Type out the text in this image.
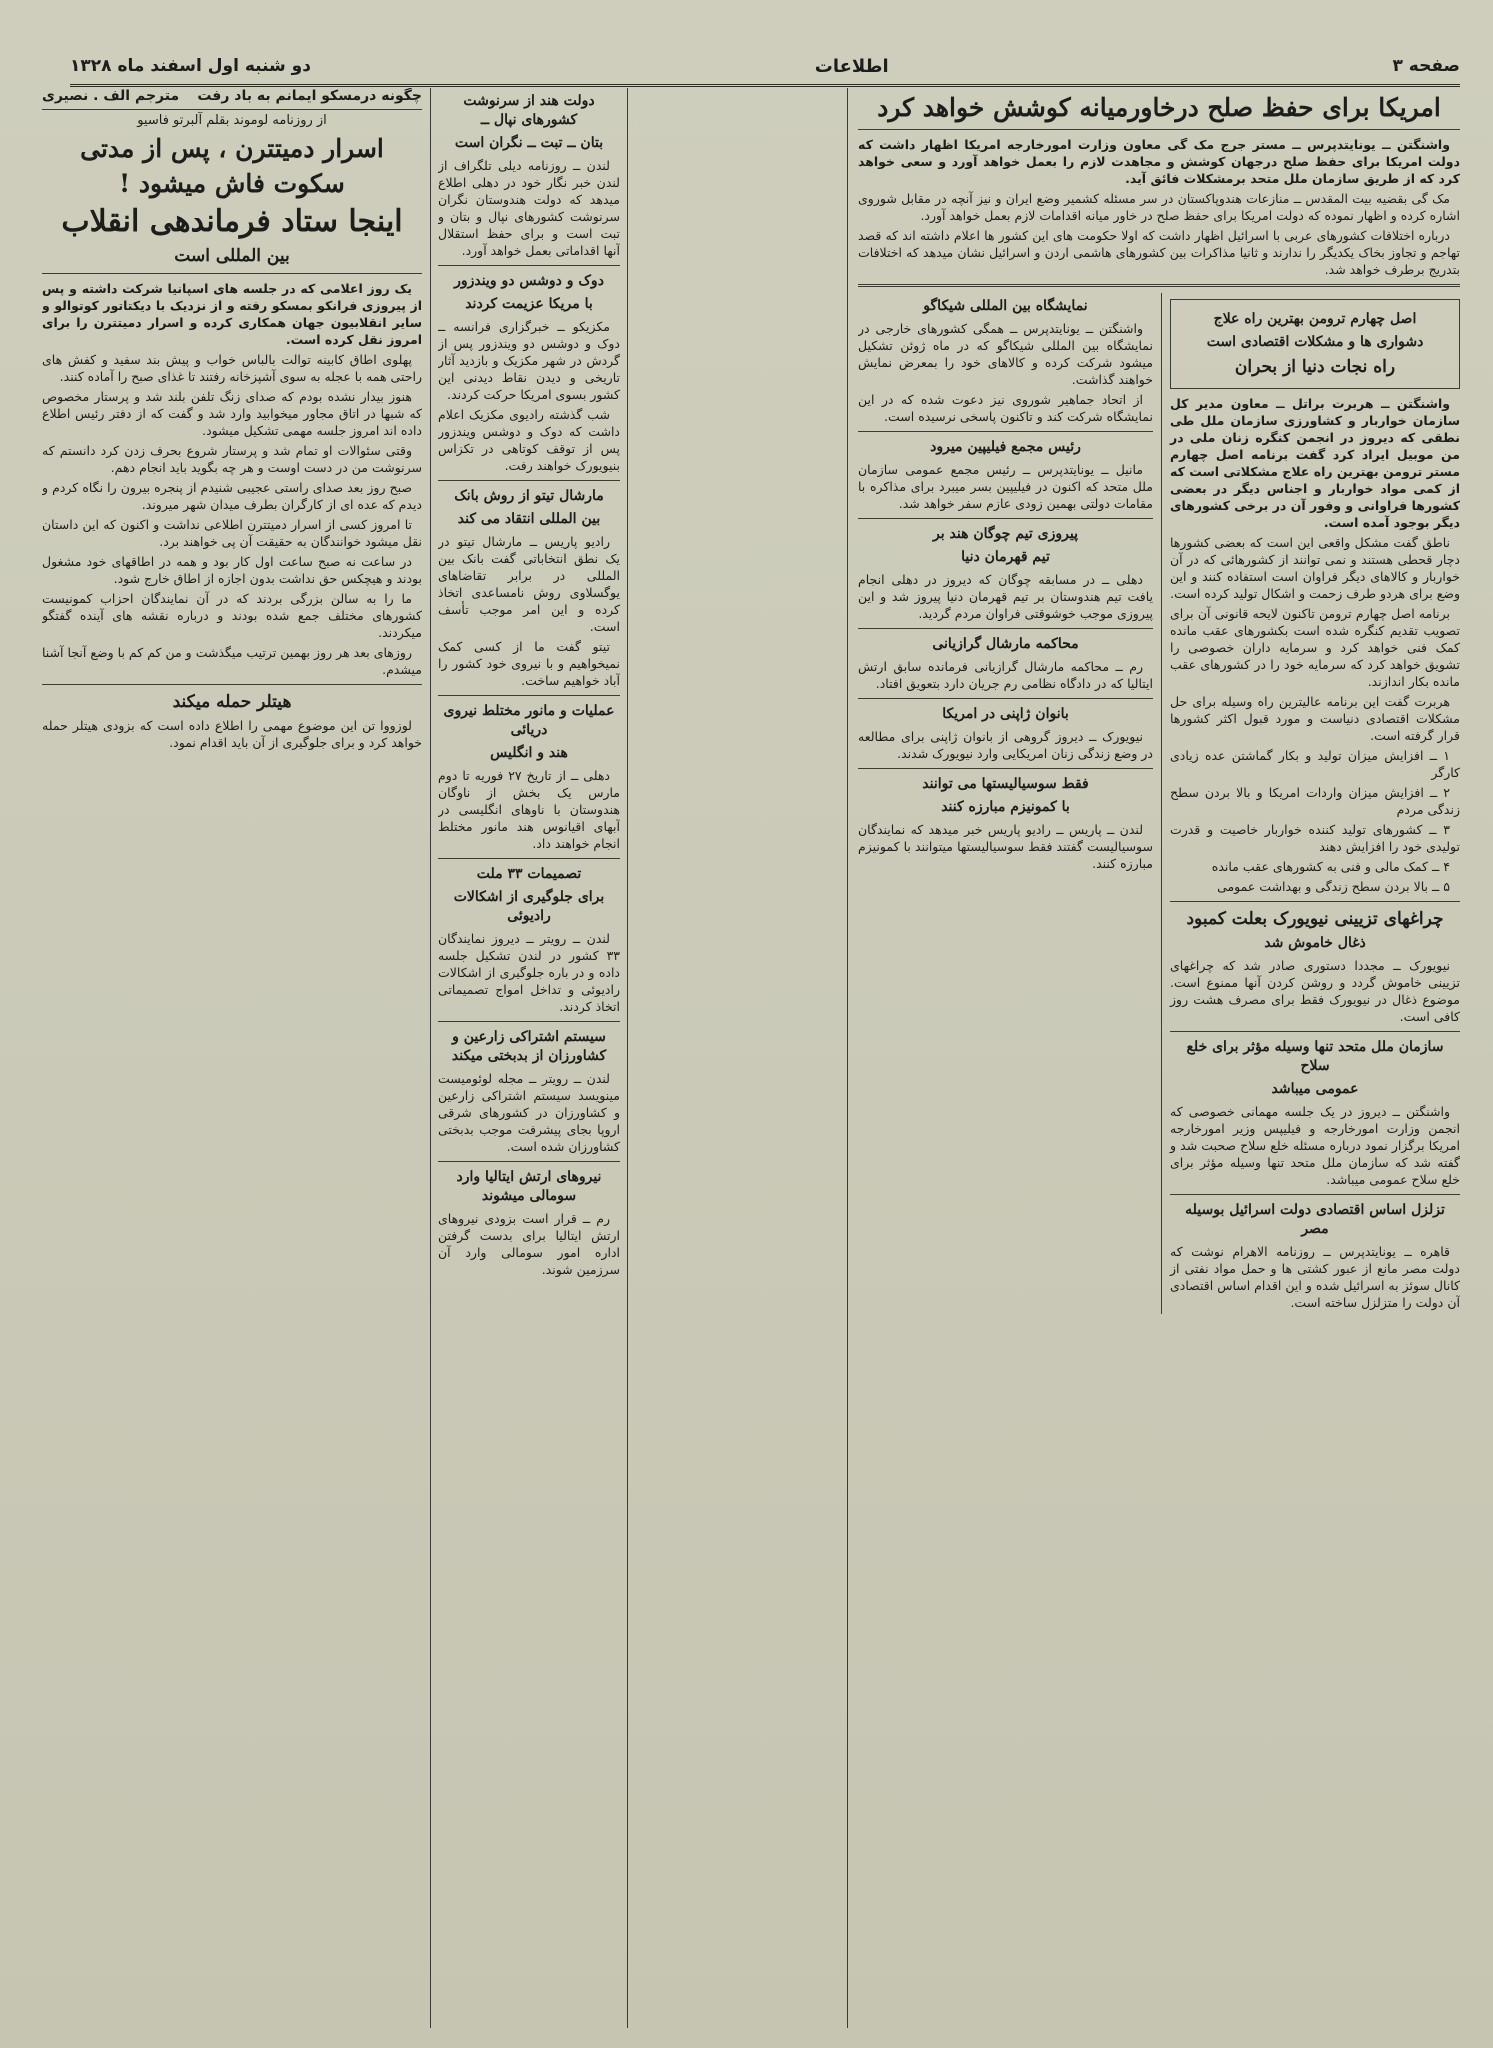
صفحه ۳
اطلاعات
دو شنبه اول اسفند ماه ۱۳۲۸
امریکا برای حفظ صلح درخاورمیانه کوشش خواهد کرد

واشنگتن ــ یونایتدپرس ــ مستر جرج مک گی معاون وزارت امورخارجه امریکا اظهار داشت که دولت امریکا برای حفظ صلح درجهان کوشش و مجاهدت لازم را بعمل خواهد آورد و سعی خواهد کرد که از طریق سازمان ملل متحد برمشکلات فائق آید.

مک گی بقضیه بیت المقدس ــ منازعات هندوپاکستان در سر مسئله کشمیر وضع ایران و نیز آنچه در مقابل شوروی اشاره کرده و اظهار نموده که دولت امریکا برای حفظ صلح در خاور میانه اقدامات لازم بعمل خواهد آورد.

درباره اختلافات کشورهای عربی با اسرائیل اظهار داشت که اولا حکومت های این کشور ها اعلام داشته اند که قصد تهاجم و تجاوز بخاک یکدیگر را ندارند و ثانیا مذاکرات بین کشورهای هاشمی اردن و اسرائیل نشان میدهد که اختلافات بتدریج برطرف خواهد شد.

اصل چهارم ترومن بهترین راه علاج
دشواری ها و مشکلات اقتصادی است
راه نجات دنیا از بحران

واشنگتن ــ هربرت براتل ــ معاون مدیر کل سازمان خواربار و کشاورزی سازمان ملل طی نطقی که دیروز در انجمن کنگره زنان ملی در من موبیل ایراد کرد گفت برنامه اصل چهارم مستر ترومن بهترین راه علاج مشکلاتی است که از کمی مواد خواربار و اجناس دیگر در بعضی کشورها فراوانی و وفور آن در برخی کشورهای دیگر بوجود آمده است.

ناطق گفت مشکل واقعی این است که بعضی کشورها دچار قحطی هستند و نمی توانند از کشورهائی که در آن خواربار و کالاهای دیگر فراوان است استفاده کنند و این وضع برای هردو طرف زحمت و اشکال تولید کرده است.

برنامه اصل چهارم ترومن تاکنون لایحه قانونی آن برای تصویب تقدیم کنگره شده است بکشورهای عقب مانده کمک فنی خواهد کرد و سرمایه داران خصوصی را تشویق خواهد کرد که سرمایه خود را در کشورهای عقب مانده بکار اندازند.

هربرت گفت این برنامه عالیترین راه وسیله برای حل مشکلات اقتصادی دنیاست و مورد قبول اکثر کشورها قرار گرفته است.

۱ ــ افزایش میزان تولید و بکار گماشتن عده زیادی کارگر

۲ ــ افزایش میزان واردات امریکا و بالا بردن سطح زندگی مردم

۳ ــ کشورهای تولید کننده خواربار خاصیت و قدرت تولیدی خود را افزایش دهند

۴ ــ کمک مالی و فنی به کشورهای عقب مانده

۵ ــ بالا بردن سطح زندگی و بهداشت عمومی

چراغهای تزیینی نیویورک بعلت کمبود
ذغال خاموش شد

نیویورک ــ مجددا دستوری صادر شد که چراغهای تزیینی خاموش گردد و روشن کردن آنها ممنوع است. موضوع ذغال در نیویورک فقط برای مصرف هشت روز کافی است.

سازمان ملل متحد تنها وسیله مؤثر برای خلع سلاح
عمومی میباشد

واشنگتن ــ دیروز در یک جلسه مهمانی خصوصی که انجمن وزارت امورخارجه و فیلیپس وزیر امورخارجه امریکا برگزار نمود درباره مسئله خلع سلاح صحبت شد و گفته شد که سازمان ملل متحد تنها وسیله مؤثر برای خلع سلاح عمومی میباشد.

تزلزل اساس اقتصادی دولت اسرائیل بوسیله مصر

قاهره ــ یونایتدپرس ــ روزنامه الاهرام نوشت که دولت مصر مانع از عبور کشتی ها و حمل مواد نفتی از کانال سوئز به اسرائیل شده و این اقدام اساس اقتصادی آن دولت را متزلزل ساخته است.

نمایشگاه بین المللی شیکاگو

واشنگتن ــ یونایتدپرس ــ همگی کشورهای خارجی در نمایشگاه بین المللی شیکاگو که در ماه ژوئن تشکیل میشود شرکت کرده و کالاهای خود را بمعرض نمایش خواهند گذاشت.

از اتحاد جماهیر شوروی نیز دعوت شده که در این نمایشگاه شرکت کند و تاکنون پاسخی نرسیده است.

رئیس مجمع فیلیپین میرود

مانیل ــ یونایتدپرس ــ رئیس مجمع عمومی سازمان ملل متحد که اکنون در فیلیپین بسر میبرد برای مذاکره با مقامات دولتی بهمین زودی عازم سفر خواهد شد.

پیروزی تیم چوگان هند بر
تیم قهرمان دنیا

دهلی ــ در مسابقه چوگان که دیروز در دهلی انجام یافت تیم هندوستان بر تیم قهرمان دنیا پیروز شد و این پیروزی موجب خوشوقتی فراوان مردم گردید.

محاکمه مارشال گرازیانی

رم ــ محاکمه مارشال گرازیانی فرمانده سابق ارتش ایتالیا که در دادگاه نظامی رم جریان دارد بتعویق افتاد.

بانوان ژاپنی در امریکا

نیویورک ــ دیروز گروهی از بانوان ژاپنی برای مطالعه در وضع زندگی زنان امریکایی وارد نیویورک شدند.

فقط سوسیالیستها می توانند
با کمونیزم مبارزه کنند

لندن ــ پاریس ــ رادیو پاریس خبر میدهد که نمایندگان سوسیالیست گفتند فقط سوسیالیستها میتوانند با کمونیزم مبارزه کنند.

دولت هند از سرنوشت کشورهای نپال ــ
بتان ــ تبت ــ نگران است

لندن ــ روزنامه دیلی تلگراف از لندن خبر نگار خود در دهلی اطلاع میدهد که دولت هندوستان نگران سرنوشت کشورهای نپال و بتان و تبت است و برای حفظ استقلال آنها اقداماتی بعمل خواهد آورد.

دوک و دوشس دو ویندزور
با مریکا عزیمت کردند

مکزیکو ــ خبرگزاری فرانسه ــ دوک و دوشس دو ویندزور پس از گردش در شهر مکزیک و بازدید آثار تاریخی و دیدن نقاط دیدنی این کشور بسوی امریکا حرکت کردند.

شب گذشته رادیوی مکزیک اعلام داشت که دوک و دوشس ویندزور پس از توقف کوتاهی در تکزاس بنیویورک خواهند رفت.

مارشال تیتو از روش بانک
بین المللی انتقاد می کند

رادیو پاریس ــ مارشال تیتو در یک نطق انتخاباتی گفت بانک بین المللی در برابر تقاضاهای یوگسلاوی روش نامساعدی اتخاذ کرده و این امر موجب تأسف است.

تیتو گفت ما از کسی کمک نمیخواهیم و با نیروی خود کشور را آباد خواهیم ساخت.

عملیات و مانور مختلط نیروی دریائی
هند و انگلیس

دهلی ــ از تاریخ ۲۷ فوریه تا دوم مارس یک بخش از ناوگان هندوستان با ناوهای انگلیسی در آبهای اقیانوس هند مانور مختلط انجام خواهند داد.

تصمیمات ۳۳ ملت
برای جلوگیری از اشکالات رادیوئی

لندن ــ رویتر ــ دیروز نمایندگان ۳۳ کشور در لندن تشکیل جلسه داده و در باره جلوگیری از اشکالات رادیوئی و تداخل امواج تصمیماتی اتخاذ کردند.

سیستم اشتراکی زارعین و کشاورزان از بدبختی میکند

لندن ــ رویتر ــ مجله لوئومیست مینویسد سیستم اشتراکی زارعین و کشاورزان در کشورهای شرقی اروپا بجای پیشرفت موجب بدبختی کشاورزان شده است.

نیروهای ارتش ایتالیا وارد سومالی میشوند

رم ــ قرار است بزودی نیروهای ارتش ایتالیا برای بدست گرفتن اداره امور سومالی وارد آن سرزمین شوند.

چگونه درمسکو ایمانم به باد رفت
مترجم الف . نصیری
از روزنامه لوموند بقلم آلبرتو فاسیو
اسرار دمیتترن ، پس از مدتی
سکوت فاش میشود !
اینجا ستاد فرماندهی انقلاب
بین المللی است

یک روز اعلامی که در جلسه های اسپانیا شرکت داشته و پس از پیروزی فرانکو بمسکو رفته و از نزدیک با دیکتاتور کوتوالو و سایر انقلابیون جهان همکاری کرده و اسرار دمیتترن را برای امروز نقل کرده است.

پهلوی اطاق کابینه توالت بالباس خواب و پیش بند سفید و کفش های راحتی همه با عجله به سوی آشپزخانه رفتند تا غذای صبح را آماده کنند.

هنوز بیدار نشده بودم که صدای زنگ تلفن بلند شد و پرستار مخصوص که شبها در اتاق مجاور میخوابید وارد شد و گفت که از دفتر رئیس اطلاع داده اند امروز جلسه مهمی تشکیل میشود.

وقتی سئوالات او تمام شد و پرستار شروع بحرف زدن کرد دانستم که سرنوشت من در دست اوست و هر چه بگوید باید انجام دهم.

صبح روز بعد صدای راستی عجیبی شنیدم از پنجره بیرون را نگاه کردم و دیدم که عده ای از کارگران بطرف میدان شهر میروند.

تا امروز کسی از اسرار دمیتترن اطلاعی نداشت و اکنون که این داستان نقل میشود خوانندگان به حقیقت آن پی خواهند برد.

در ساعت نه صبح ساعت اول کار بود و همه در اطاقهای خود مشغول بودند و هیچکس حق نداشت بدون اجازه از اطاق خارج شود.

ما را به سالن بزرگی بردند که در آن نمایندگان احزاب کمونیست کشورهای مختلف جمع شده بودند و درباره نقشه های آینده گفتگو میکردند.

روزهای بعد هر روز بهمین ترتیب میگذشت و من کم کم با وضع آنجا آشنا میشدم.

هیتلر حمله میکند

لوزووا تن این موضوع مهمی را اطلاع داده است که بزودی هیتلر حمله خواهد کرد و برای جلوگیری از آن باید اقدام نمود.
